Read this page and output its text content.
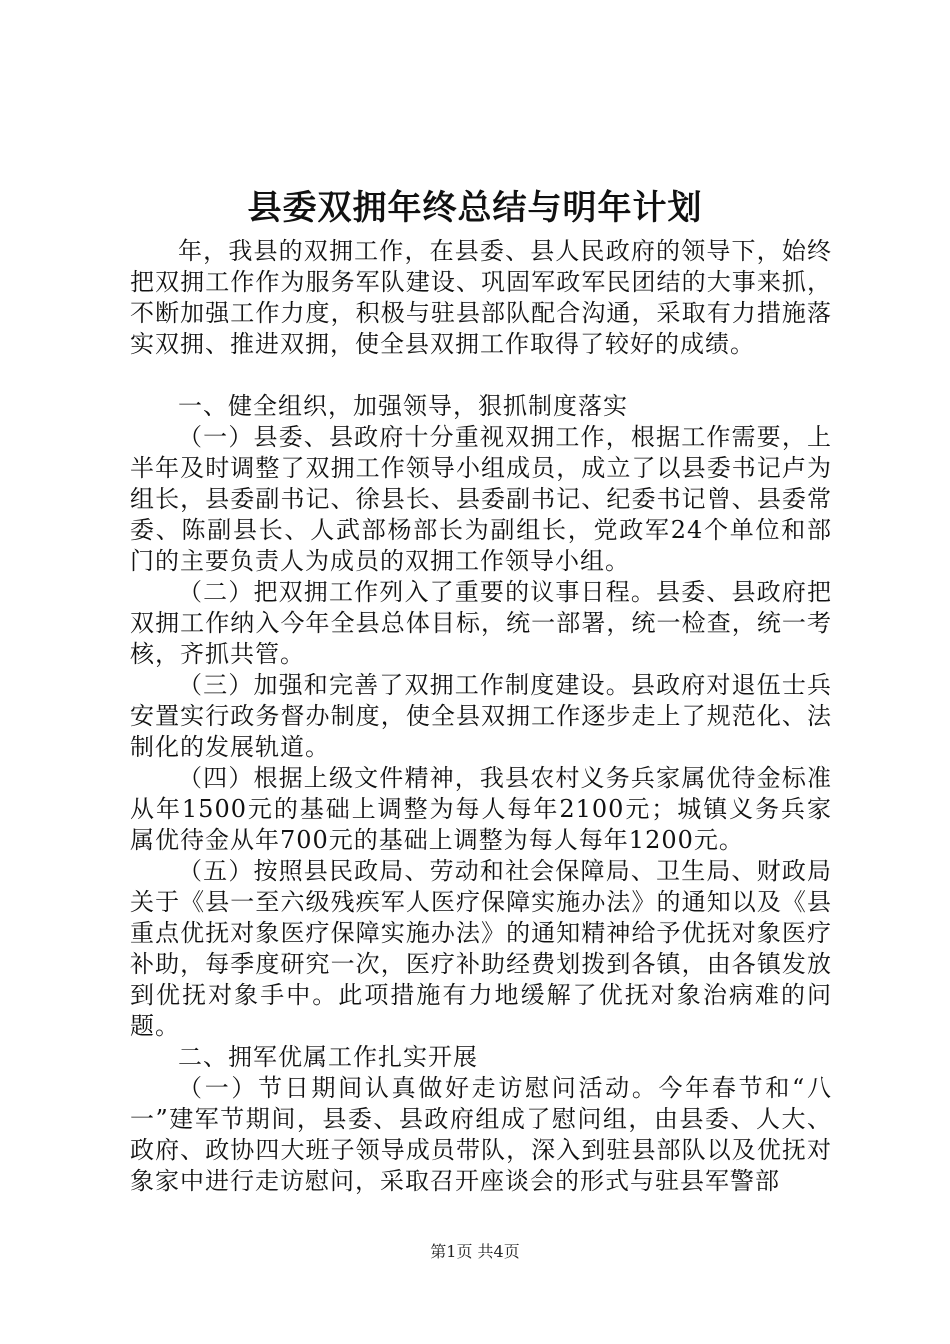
县委双拥年终总结与明年计划

年，我县的双拥工作，在县委、县人民政府的领导下，始终把双拥工作作为服务军队建设、巩固军政军民团结的大事来抓，不断加强工作力度，积极与驻县部队配合沟通，采取有力措施落实双拥、推进双拥，使全县双拥工作取得了较好的成绩。

一、健全组织，加强领导，狠抓制度落实

（一）县委、县政府十分重视双拥工作，根据工作需要，上半年及时调整了双拥工作领导小组成员，成立了以县委书记卢为组长，县委副书记、徐县长、县委副书记、纪委书记曾、县委常委、陈副县长、人武部杨部长为副组长，党政军24个单位和部门的主要负责人为成员的双拥工作领导小组。

（二）把双拥工作列入了重要的议事日程。县委、县政府把双拥工作纳入今年全县总体目标，统一部署，统一检查，统一考核，齐抓共管。

（三）加强和完善了双拥工作制度建设。县政府对退伍士兵安置实行政务督办制度，使全县双拥工作逐步走上了规范化、法制化的发展轨道。

（四）根据上级文件精神，我县农村义务兵家属优待金标准从年1500元的基础上调整为每人每年2100元；城镇义务兵家属优待金从年700元的基础上调整为每人每年1200元。

（五）按照县民政局、劳动和社会保障局、卫生局、财政局关于《县一至六级残疾军人医疗保障实施办法》的通知以及《县重点优抚对象医疗保障实施办法》的通知精神给予优抚对象医疗补助，每季度研究一次，医疗补助经费划拨到各镇，由各镇发放到优抚对象手中。此项措施有力地缓解了优抚对象治病难的问题。

二、拥军优属工作扎实开展

（一）节日期间认真做好走访慰问活动。今年春节和“八一”建军节期间，县委、县政府组成了慰问组，由县委、人大、政府、政协四大班子领导成员带队，深入到驻县部队以及优抚对象家中进行走访慰问，采取召开座谈会的形式与驻县军警部

第1页 共4页
